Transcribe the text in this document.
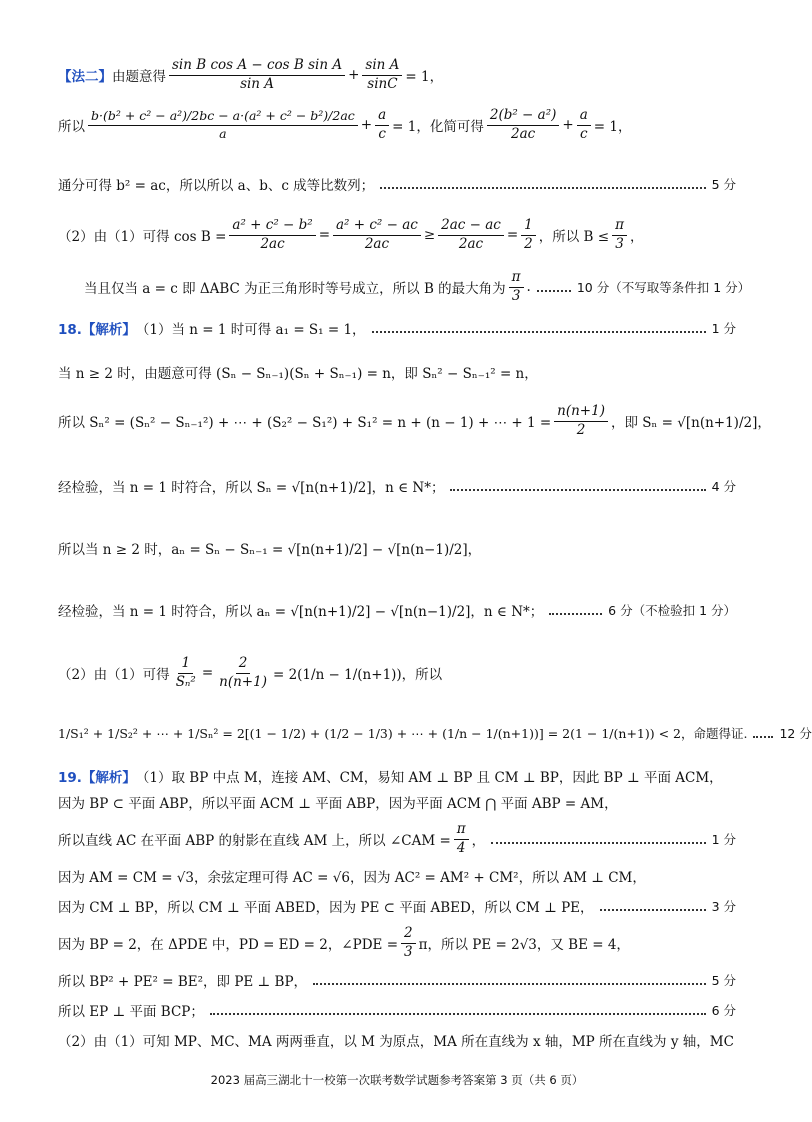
【法二】 由题意得 $\frac{\text{sin B cos A − cos B sin A}}{\text{sin A}} + \frac{\text{sin A}}{\sin C} = 1$，
所以 $\frac{\text{b·(b² + c² − a²)/2bc − a·(a² + c² − b²)/2ac}}{a} + \frac{a}{c} = 1$，化简可得 $\frac{\text{2(b² − a²)}}{2ac} + \frac{a}{c} = 1$，
通分可得 b² = ac，所以所以 a、b、c 成等比数列；	5 分
（2）由（1）可得 $\cos B = \frac{\text{a² + c² − b²}}{2ac} = \frac{\text{a² + c² − ac}}{2ac} \ge \frac{2ac - ac}{2ac} = \frac{1}{2}$ ，所以 $B \le \frac{\pi}{3}$ ，
当且仅当 a = c 即 ΔABC 为正三角形时等号成立，所以 B 的最大角为 $\frac{\pi}{3}$ .	10 分（不写取等条件扣 1 分）
18.【解析】 （1）当 n = 1 时可得 a₁ = S₁ = 1，	1 分
当 n ≥ 2 时，由题意可得 (Sₙ − Sₙ₋₁)(Sₙ + Sₙ₋₁) = n，即 Sₙ² − Sₙ₋₁² = n，
所以 Sₙ² = (Sₙ² − Sₙ₋₁²) + ⋯ + (S₂² − S₁²) + S₁² = n + (n − 1) + ⋯ + $1 = \frac{n(n+1)}{2}$ ，即 Sₙ = √[n(n+1)/2]，
经检验，当 n = 1 时符合，所以 Sₙ = √[n(n+1)/2]，n ∈ N*；	4 分
所以当 n ≥ 2 时，aₙ = Sₙ − Sₙ₋₁ = √[n(n+1)/2] − √[n(n−1)/2]，
经检验，当 n = 1 时符合，所以 aₙ = √[n(n+1)/2] − √[n(n−1)/2]，n ∈ N*；	6 分（不检验扣 1 分）
（2）由（1）可得 $\frac{1}{\text{Sₙ²}} = \frac{2}{n(n+1)} = 2(1/n - 1/(n+1))$，所以
1/S₁² + 1/S₂² + ⋯ + 1/Sₙ² = 2[(1 − 1/2) + (1/2 − 1/3) + ⋯ + (1/n − 1/(n+1))] = 2(1 − 1/(n+1)) < 2，命题得证.	12 分
19.【解析】 （1）取 BP 中点 M，连接 AM、CM，易知 AM ⊥ BP 且 CM ⊥ BP，因此 BP ⊥ 平面 ACM，
因为 BP ⊂ 平面 ABP，所以平面 ACM ⊥ 平面 ABP，因为平面 ACM ⋂ 平面 ABP = AM，
所以直线 AC 在平面 ABP 的射影在直线 AM 上，所以 ∠CAM = $\frac{\pi}{4}$ ，	1 分
因为 AM = CM = √3，余弦定理可得 AC = √6，因为 AC² = AM² + CM²，所以 AM ⊥ CM，
因为 CM ⊥ BP，所以 CM ⊥ 平面 ABED，因为 PE ⊂ 平面 ABED，所以 CM ⊥ PE，	3 分
因为 BP = 2，在 ΔPDE 中，PD = ED = 2，∠PDE = $\frac{2}{3}$ π，所以 PE = 2√3，又 BE = 4，
所以 BP² + PE² = BE²，即 PE ⊥ BP，	5 分
所以 EP ⊥ 平面 BCP；	6 分
（2）由（1）可知 MP、MC、MA 两两垂直，以 M 为原点，MA 所在直线为 x 轴，MP 所在直线为 y 轴，MC
2023 届高三湖北十一校第一次联考数学试题参考答案第 3 页（共 6 页）
